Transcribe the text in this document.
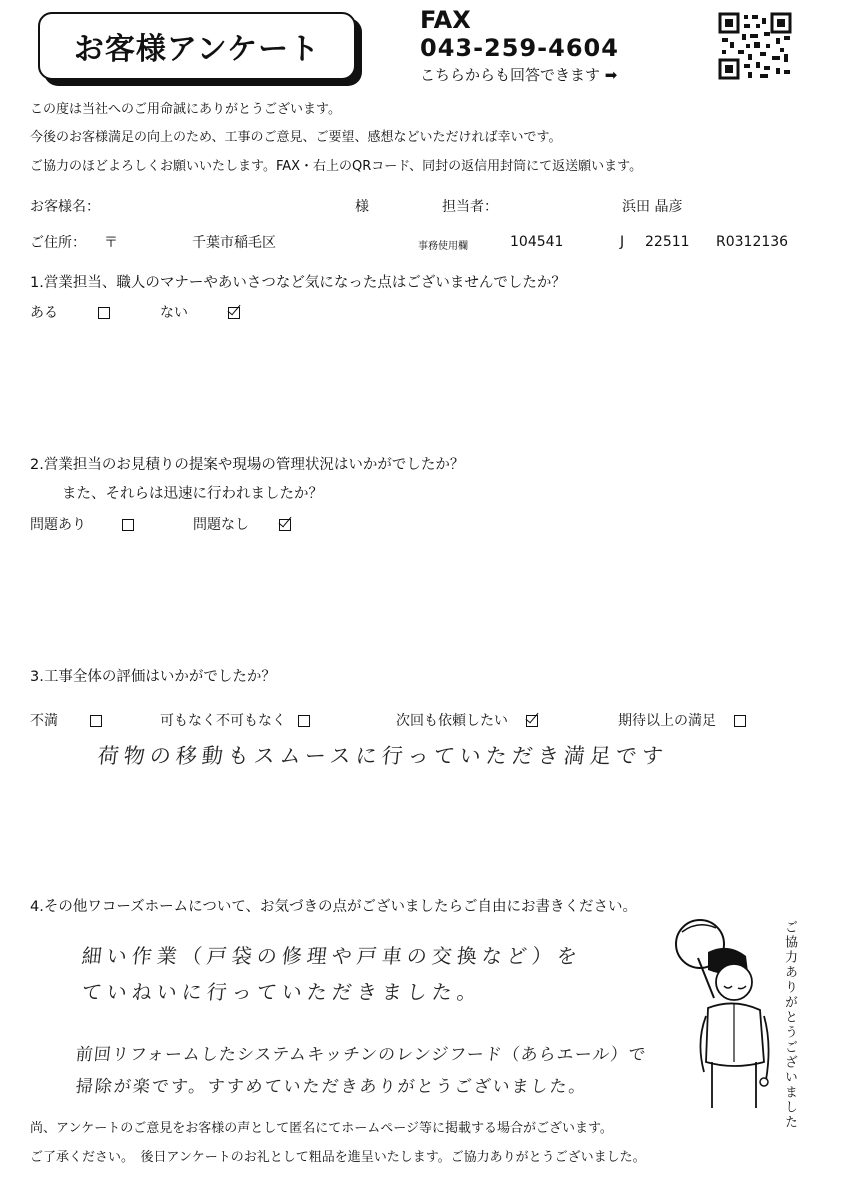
お客様アンケート
FAX
043-259-4604
こちらからも回答できます ➡
この度は当社へのご用命誠にありがとうございます。
今後のお客様満足の向上のため、工事のご意見、ご要望、感想などいただければ幸いです。
ご協力のほどよろしくお願いいたします。FAX・右上のQRコード、同封の返信用封筒にて返送願います。
お客様名：	様	担当者：	浜田 晶彦
ご住所： 〒	千葉市稲毛区	事務使用欄	104541	J 22511 R0312136
1.営業担当、職人のマナーやあいさつなど気になった点はございませんでしたか？
ある	ない
2.営業担当のお見積りの提案や現場の管理状況はいかがでしたか？
また、それらは迅速に行われましたか？
問題あり	問題なし
3.工事全体の評価はいかがでしたか？
不満	可もなく不可もなく	次回も依頼したい	期待以上の満足
荷物の移動もスムースに行っていただき満足です
4.その他ワコーズホームについて、お気づきの点がございましたらご自由にお書きください。
細い作業（戸袋の修理や戸車の交換など）を
ていねいに行っていただきました。
前回リフォームしたシステムキッチンのレンジフード（あらエール）で
掃除が楽です。すすめていただきありがとうございました。	ご協力ありがとうございました
尚、アンケートのご意見をお客様の声として匿名にてホームページ等に掲載する場合がございます。
ご了承ください。　後日アンケートのお礼として粗品を進呈いたします。ご協力ありがとうございました。
